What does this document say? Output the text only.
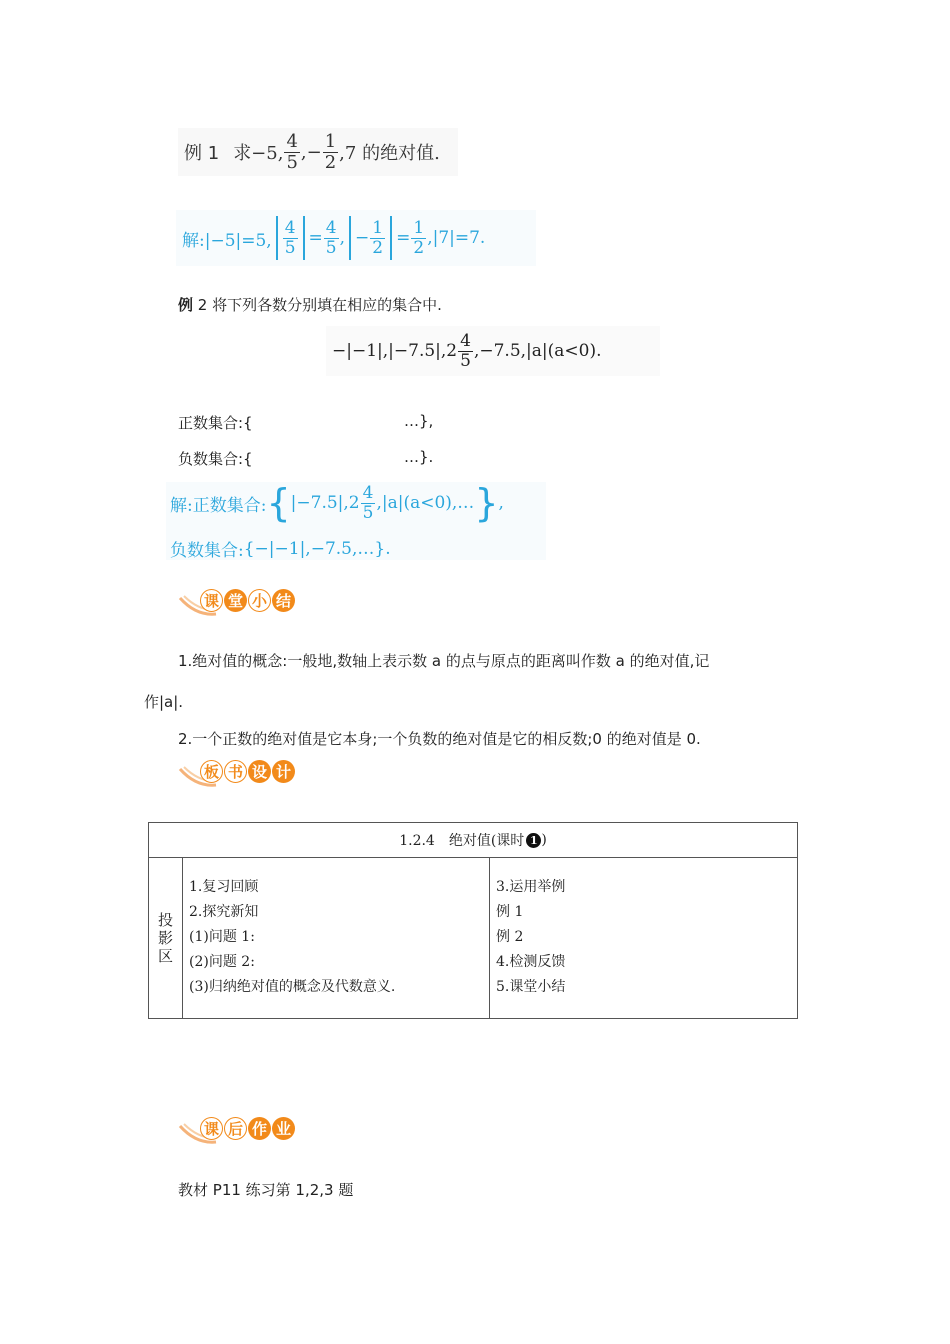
例 1 求−5, $\frac{4}{5}$ ,− $\frac{1}{2} ,7$ 的绝对值.
解:|−5|=5, $\frac{4}{5} = \frac{4}{5}$ , − $\frac{1}{2} = \frac{1}{2} ,|7|=7$.
例 2 将下列各数分别填在相应的集合中.
$-|-1|,|-7.5|,2 \frac{4}{5} ,-7.5,|a|(a<0)$.
正数集合:{	…},
负数集合:{	…}.
解:正数集合: { $|-7.5|,2 \frac{4}{5}$ ,|a|(a<0),… } ,
负数集合: {−|−1|,−7.5,…}.
课 堂 小 结
1.绝对值的概念:一般地,数轴上表示数 a 的点与原点的距离叫作数 a 的绝对值,记
作|a|.
2.一个正数的绝对值是它本身;一个负数的绝对值是它的相反数;0 的绝对值是 0.
板 书 设 计
1.2.4　绝对值(课时 1 )
投
影
区
1.复习回顾
2.探究新知
(1)问题 1:
(2)问题 2:
(3)归纳绝对值的概念及代数意义.
3.运用举例
例 1
例 2
4.检测反馈
5.课堂小结
课 后 作 业
教材 P11 练习第 1,2,3 题
